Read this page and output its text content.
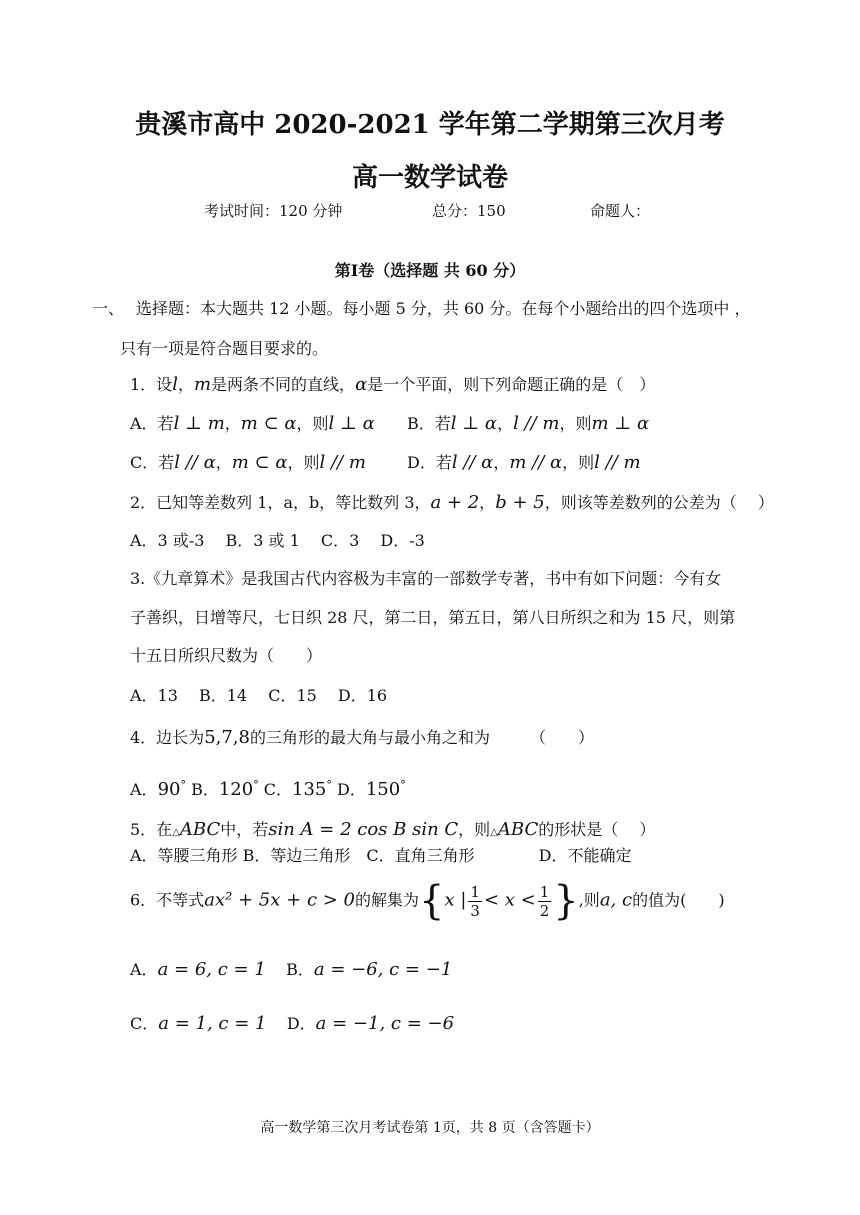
贵溪市高中 2020-2021 学年第二学期第三次月考
高一数学试卷
考试时间：120 分钟	总分：150	命题人：
第Ⅰ卷（选择题 共 60 分）
一、 选择题：本大题共 12 小题。每小题 5 分，共 60 分。在每个小题给出的四个选项中 ，
只有一项是符合题目要求的。
1．设l，m是两条不同的直线，α是一个平面，则下列命题正确的是（　）
A．若l ⊥ m，m ⊂ α，则l ⊥ α B．若l ⊥ α，l // m，则m ⊥ α
C．若l // α，m ⊂ α，则l // m	D．若l // α，m // α，则l // m
2．已知等差数列 1，a，b，等比数列 3，a + 2，b + 5，则该等差数列的公差为（　 ）
A．3 或-3　 B．3 或 1　 C．3　 D．-3
3.《九章算术》是我国古代内容极为丰富的一部数学专著，书中有如下问题：今有女
子善织，日增等尺，七日织 28 尺，第二日，第五日，第八日所织之和为 15 尺，则第
十五日所织尺数为（　　）
A．13　 B．14　 C．15　 D．16
4．边长为5,7,8的三角形的最大角与最小角之和为　　　（　　）
A．90° B．120° C．135° D．150°
5．在△ABC中，若sin A = 2 cos B sin C，则△ABC的形状是（　 ）
A．等腰三角形 B．等边三角形　C．直角三角形　　　　D．不能确定
6．不等式ax² + 5x + c > 0的解集为{x | $\frac{1}{3} < x < \frac{1}{2}$ },则a, c的值为(　　)
A．a = 6, c = 1 B．a = −6, c = −1
C．a = 1, c = 1 D．a = −1, c = −6
高一数学第三次月考试卷第 1页，共 8 页（含答题卡）
